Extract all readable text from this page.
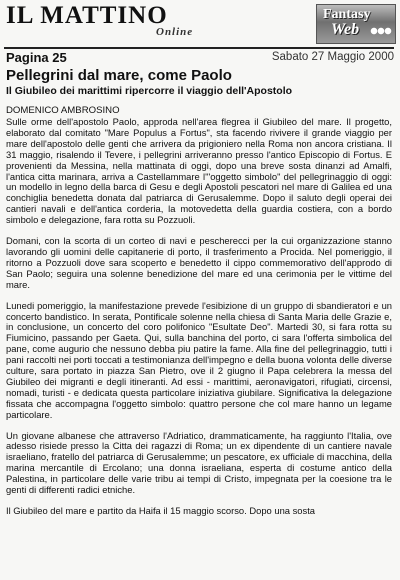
IL MATTINO
Online
Fantasy
Web
Pagina 25	Sabato 27 Maggio 2000
Pellegrini dal mare, come Paolo
Il Giubileo dei marittimi ripercorre il viaggio dell'Apostolo

DOMENICO AMBROSINO

Sulle orme dell'apostolo Paolo, approda nell'area flegrea il Giubileo del mare. Il progetto, elaborato dal comitato "Mare Populus a Fortus", sta facendo rivivere il grande viaggio per mare dell'apostolo delle genti che arrivera da prigioniero nella Roma non ancora cristiana. Il 31 maggio, risalendo il Tevere, i pellegrini arriveranno presso l'antico Episcopio di Fortus. E provenienti da Messina, nella mattinata di oggi, dopo una breve sosta dinanzi ad Amalfi, l'antica citta marinara, arriva a Castellammare l'"oggetto simbolo" del pellegrinaggio di oggi: un modello in legno della barca di Gesu e degli Apostoli pescatori nel mare di Galilea ed una conchiglia benedetta donata dal patriarca di Gerusalemme. Dopo il saluto degli operai dei cantieri navali e dell'antica corderia, la motovedetta della guardia costiera, con a bordo simbolo e delegazione, fara rotta su Pozzuoli.

Domani, con la scorta di un corteo di navi e pescherecci per la cui organizzazione stanno lavorando gli uomini delle capitanerie di porto, il trasferimento a Procida. Nel pomeriggio, il ritorno a Pozzuoli dove sara scoperto e benedetto il cippo commemorativo dell'approdo di San Paolo; seguira una solenne benedizione del mare ed una cerimonia per le vittime del mare.

Lunedi pomeriggio, la manifestazione prevede l'esibizione di un gruppo di sbandieratori e un concerto bandistico. In serata, Pontificale solenne nella chiesa di Santa Maria delle Grazie e, in conclusione, un concerto del coro polifonico "Esultate Deo". Martedi 30, si fara rotta su Fiumicino, passando per Gaeta. Qui, sulla banchina del porto, ci sara l'offerta simbolica del pane, come augurio che nessuno debba piu patire la fame. Alla fine del pellegrinaggio, tutti i pani raccolti nei porti toccati a testimonianza dell'impegno e della buona volonta delle diverse culture, sara portato in piazza San Pietro, ove il 2 giugno il Papa celebrera la messa del Giubileo dei migranti e degli itineranti. Ad essi - marittimi, aeronavigatori, rifugiati, circensi, nomadi, turisti - e dedicata questa particolare iniziativa giubilare. Significativa la delegazione fissata che accompagna l'oggetto simbolo: quattro persone che col mare hanno un legame particolare.

Un giovane albanese che attraverso l'Adriatico, drammaticamente, ha raggiunto l'Italia, ove adesso risiede presso la Citta dei ragazzi di Roma; un ex dipendente di un cantiere navale israeliano, fratello del patriarca di Gerusalemme; un pescatore, ex ufficiale di macchina, della marina mercantile di Ercolano; una donna israeliana, esperta di costume antico della Palestina, in particolare delle varie tribu ai tempi di Cristo, impegnata per la coesione tra le genti di differenti radici etniche.

Il Giubileo del mare e partito da Haifa il 15 maggio scorso. Dopo una sosta
